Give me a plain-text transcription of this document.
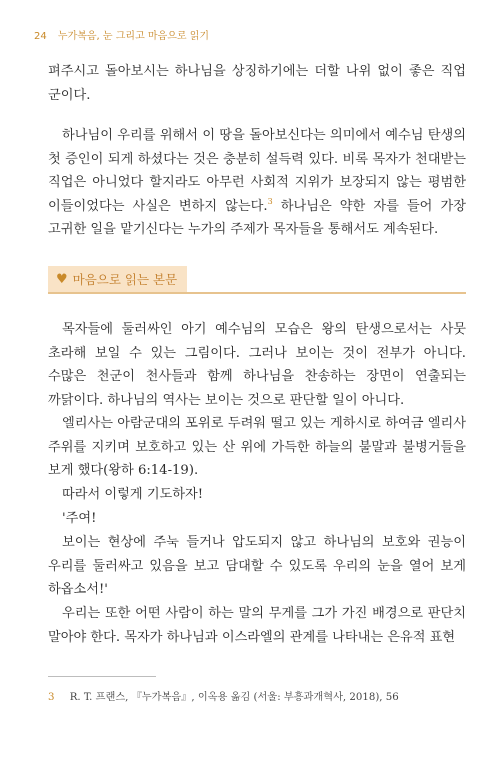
24 누가복음, 눈 그리고 마음으로 읽기

펴주시고 돌아보시는 하나님을 상징하기에는 더할 나위 없이 좋은 직업 군이다.

하나님이 우리를 위해서 이 땅을 돌아보신다는 의미에서 예수님 탄생의 첫 증인이 되게 하셨다는 것은 충분히 설득력 있다. 비록 목자가 천대받는 직업은 아니었다 할지라도 아무런 사회적 지위가 보장되지 않는 평범한 이들이었다는 사실은 변하지 않는다.$^3$ 하나님은 약한 자를 들어 가장 고귀한 일을 맡기신다는 누가의 주제가 목자들을 통해서도 계속된다.

♥ 마음으로 읽는 본문

목자들에 둘러싸인 아기 예수님의 모습은 왕의 탄생으로서는 사뭇 초라해 보일 수 있는 그림이다. 그러나 보이는 것이 전부가 아니다. 수많은 천군이 천사들과 함께 하나님을 찬송하는 장면이 연출되는 까닭이다. 하나님의 역사는 보이는 것으로 판단할 일이 아니다.

엘리사는 아람군대의 포위로 두려워 떨고 있는 게하시로 하여금 엘리사 주위를 지키며 보호하고 있는 산 위에 가득한 하늘의 불말과 불병거들을 보게 했다(왕하 6:14-19).

따라서 이렇게 기도하자!

'주여!

보이는 현상에 주눅 들거나 압도되지 않고 하나님의 보호와 권능이 우리를 둘러싸고 있음을 보고 담대할 수 있도록 우리의 눈을 열어 보게 하옵소서!'

우리는 또한 어떤 사람이 하는 말의 무게를 그가 가진 배경으로 판단치 말아야 한다. 목자가 하나님과 이스라엘의 관계를 나타내는 은유적 표현

3 R. T. 프랜스, 『누가복음』, 이옥용 옮김 (서울: 부흥과개혁사, 2018), 56
